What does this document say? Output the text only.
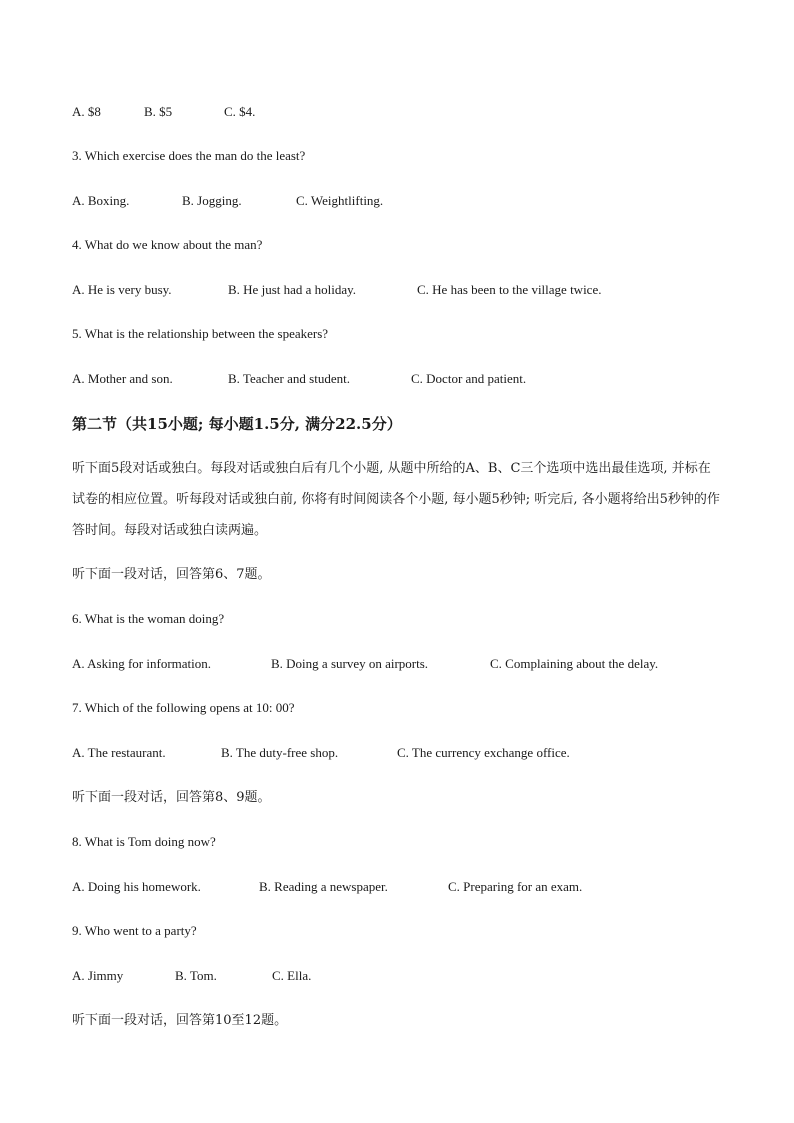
A. $8	B. $5	C. $4.
3. Which exercise does the man do the least?
A. Boxing.	B. Jogging.	C. Weightlifting.
4. What do we know about the man?
A. He is very busy.	B. He just had a holiday.	C. He has been to the village twice.
5. What is the relationship between the speakers?
A. Mother and son.	B. Teacher and student.	C. Doctor and patient.
第二节（共15小题; 每小题1.5分, 满分22.5分）
听下面5段对话或独白。每段对话或独白后有几个小题, 从题中所给的A、B、C三个选项中选出最佳选项, 并标在试卷的相应位置。听每段对话或独白前, 你将有时间阅读各个小题, 每小题5秒钟; 听完后, 各小题将给出5秒钟的作答时间。每段对话或独白读两遍。
听下面一段对话，回答第6、7题。
6. What is the woman doing?
A. Asking for information.	B. Doing a survey on airports.	C. Complaining about the delay.
7. Which of the following opens at 10: 00?
A. The restaurant.	B. The duty-free shop.	C. The currency exchange office.
听下面一段对话，回答第8、9题。
8. What is Tom doing now?
A. Doing his homework.	B. Reading a newspaper.	C. Preparing for an exam.
9. Who went to a party?
A. Jimmy	B. Tom.	C. Ella.
听下面一段对话，回答第10至12题。
